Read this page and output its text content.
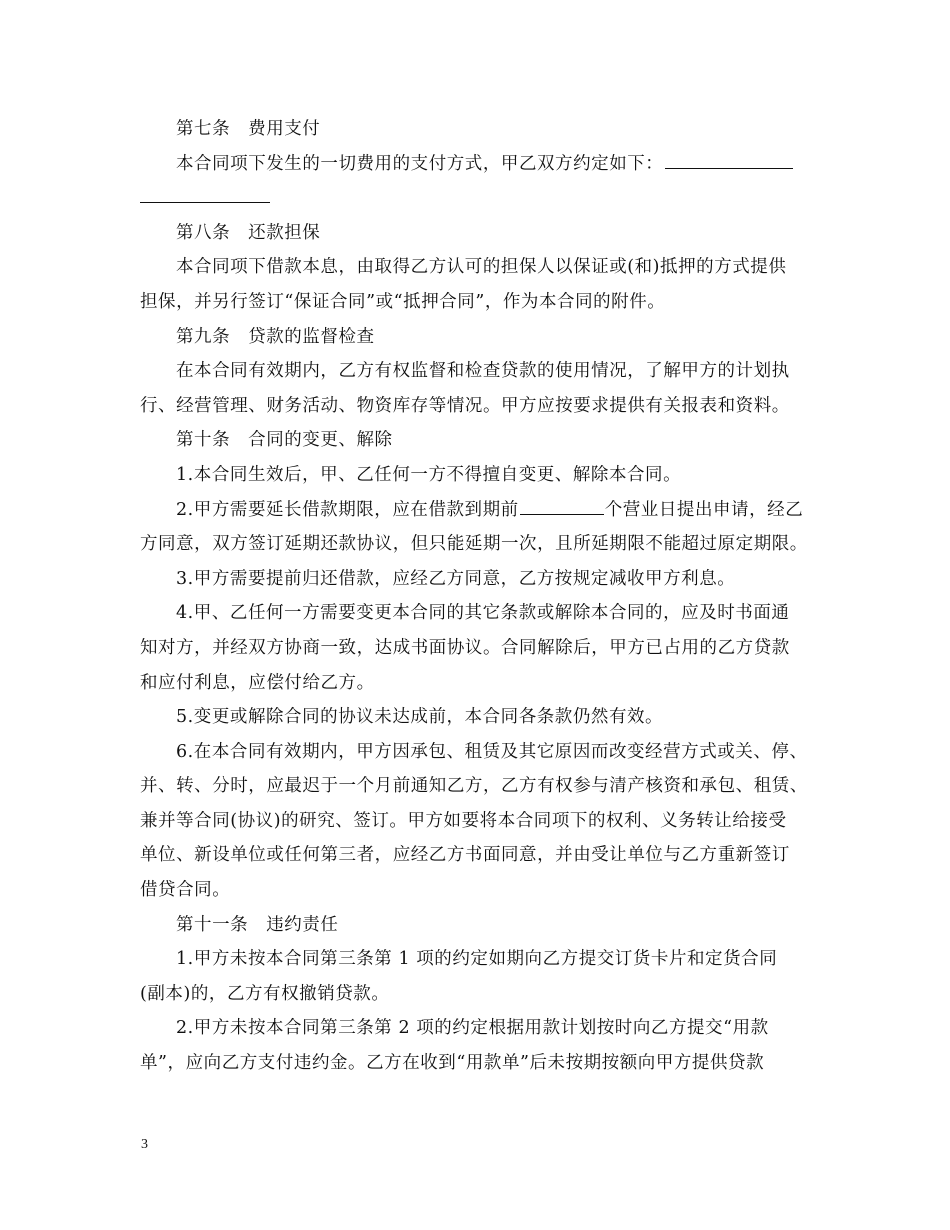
第七条 费用支付
本合同项下发生的一切费用的支付方式，甲乙双方约定如下：
第八条 还款担保
本合同项下借款本息，由取得乙方认可的担保人以保证或(和)抵押的方式提供
担保，并另行签订“保证合同”或“抵押合同”，作为本合同的附件。
第九条 贷款的监督检查
在本合同有效期内，乙方有权监督和检查贷款的使用情况，了解甲方的计划执
行、经营管理、财务活动、物资库存等情况。甲方应按要求提供有关报表和资料。
第十条 合同的变更、解除
1.本合同生效后，甲、乙任何一方不得擅自变更、解除本合同。
2.甲方需要延长借款期限，应在借款到期前	个营业日提出申请，经乙
方同意，双方签订延期还款协议，但只能延期一次，且所延期限不能超过原定期限。
3.甲方需要提前归还借款，应经乙方同意，乙方按规定减收甲方利息。
4.甲、乙任何一方需要变更本合同的其它条款或解除本合同的，应及时书面通
知对方，并经双方协商一致，达成书面协议。合同解除后，甲方已占用的乙方贷款
和应付利息，应偿付给乙方。
5.变更或解除合同的协议未达成前，本合同各条款仍然有效。
6.在本合同有效期内，甲方因承包、租赁及其它原因而改变经营方式或关、停、
并、转、分时，应最迟于一个月前通知乙方，乙方有权参与清产核资和承包、租赁、
兼并等合同(协议)的研究、签订。甲方如要将本合同项下的权利、义务转让给接受
单位、新设单位或任何第三者，应经乙方书面同意，并由受让单位与乙方重新签订
借贷合同。
第十一条 违约责任
1.甲方未按本合同第三条第 1 项的约定如期向乙方提交订货卡片和定货合同
(副本)的，乙方有权撤销贷款。
2.甲方未按本合同第三条第 2 项的约定根据用款计划按时向乙方提交“用款
单”，应向乙方支付违约金。乙方在收到“用款单”后未按期按额向甲方提供贷款
3
